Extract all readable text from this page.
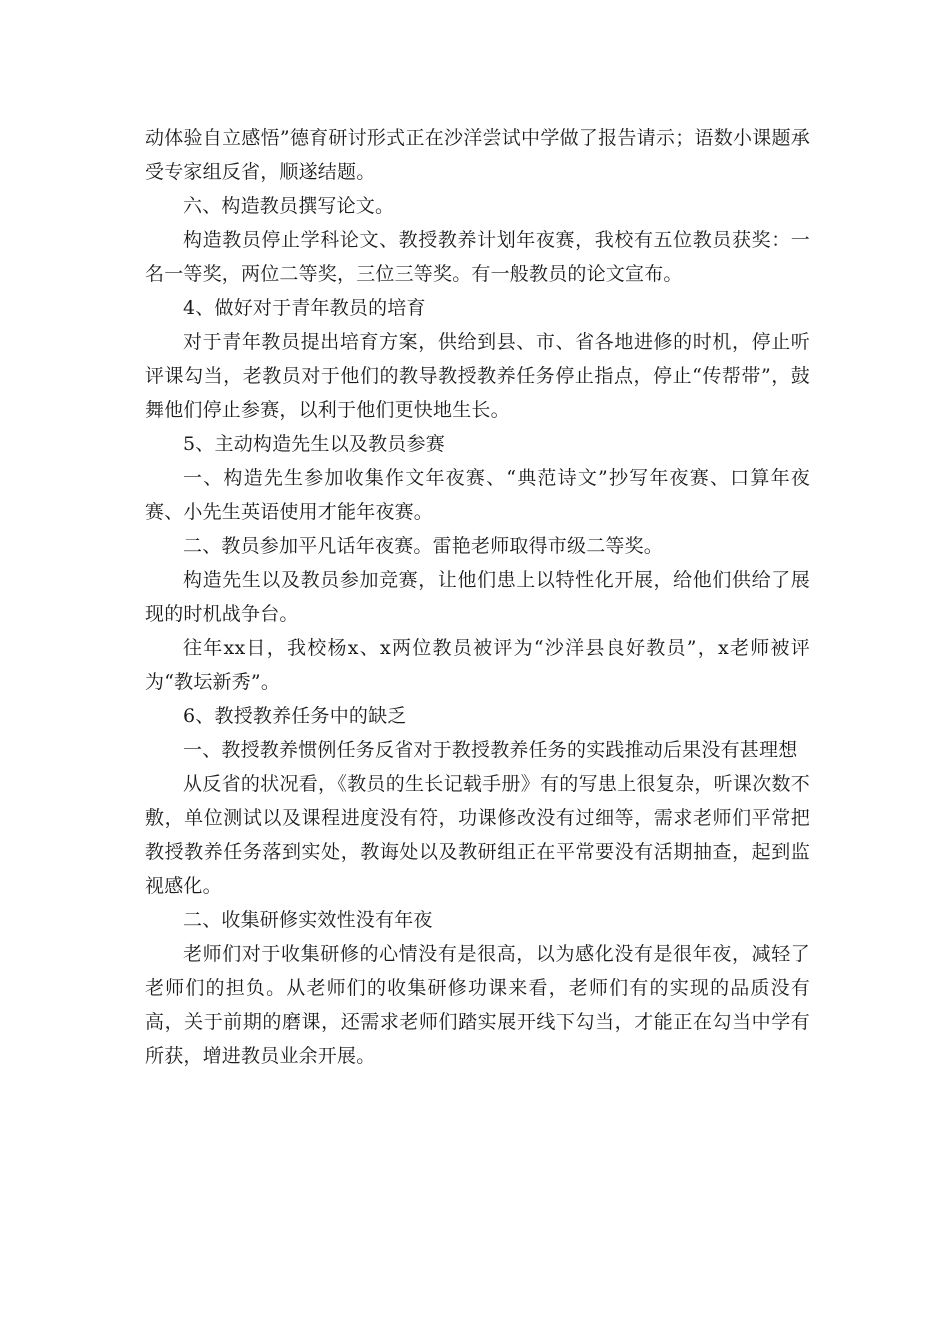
动体验自立感悟”德育研讨形式正在沙洋尝试中学做了报告请示；语数小课题承受专家组反省，顺遂结题。

六、构造教员撰写论文。

构造教员停止学科论文、教授教养计划年夜赛，我校有五位教员获奖：一名一等奖，两位二等奖，三位三等奖。有一般教员的论文宣布。

4、做好对于青年教员的培育

对于青年教员提出培育方案，供给到县、市、省各地进修的时机，停止听评课勾当，老教员对于他们的教导教授教养任务停止指点，停止“传帮带”，鼓舞他们停止参赛，以利于他们更快地生长。

5、主动构造先生以及教员参赛

一、构造先生参加收集作文年夜赛、“典范诗文”抄写年夜赛、口算年夜赛、小先生英语使用才能年夜赛。

二、教员参加平凡话年夜赛。雷艳老师取得市级二等奖。

构造先生以及教员参加竞赛，让他们患上以特性化开展，给他们供给了展现的时机战争台。

往年xx日，我校杨x、x两位教员被评为“沙洋县良好教员”，x老师被评为“教坛新秀”。

6、教授教养任务中的缺乏

一、教授教养惯例任务反省对于教授教养任务的实践推动后果没有甚理想

从反省的状况看，《教员的生长记载手册》有的写患上很复杂，听课次数不敷，单位测试以及课程进度没有符，功课修改没有过细等，需求老师们平常把教授教养任务落到实处，教诲处以及教研组正在平常要没有活期抽查，起到监视感化。

二、收集研修实效性没有年夜

老师们对于收集研修的心情没有是很高，以为感化没有是很年夜，减轻了老师们的担负。从老师们的收集研修功课来看，老师们有的实现的品质没有高，关于前期的磨课，还需求老师们踏实展开线下勾当，才能正在勾当中学有所获，增进教员业余开展。
